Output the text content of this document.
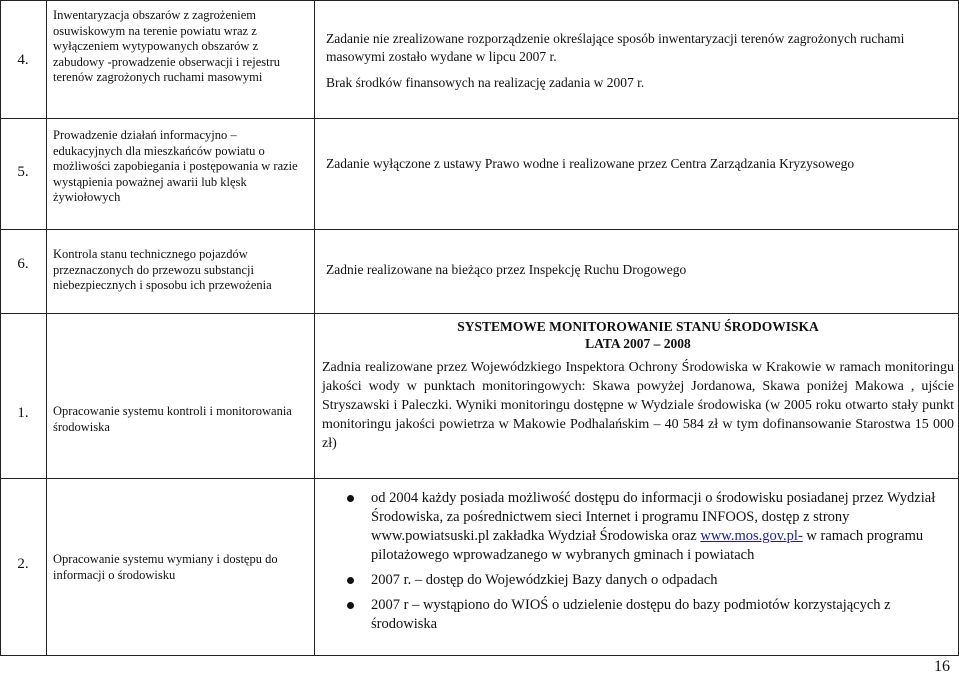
4.
Inwentaryzacja obszarów z zagrożeniem osuwiskowym na terenie powiatu wraz z wyłączeniem wytypowanych obszarów z zabudowy -prowadzenie obserwacji i rejestru terenów zagrożonych ruchami masowymi
Zadanie nie zrealizowane rozporządzenie określające sposób inwentaryzacji terenów zagrożonych ruchami masowymi zostało wydane w lipcu 2007 r.
Brak środków finansowych na realizację zadania w 2007 r.
5.
Prowadzenie działań informacyjno – edukacyjnych dla mieszkańców powiatu o możliwości zapobiegania i postępowania w razie wystąpienia poważnej awarii lub klęsk żywiołowych
Zadanie wyłączone z ustawy Prawo wodne i realizowane przez Centra Zarządzania Kryzysowego
6.
Kontrola stanu technicznego pojazdów przeznaczonych do przewozu substancji niebezpiecznych i sposobu ich przewożenia
Zadnie realizowane na bieżąco przez Inspekcję Ruchu Drogowego
1.	Opracowanie systemu kontroli i monitorowania środowiska
SYSTEMOWE MONITOROWANIE STANU ŚRODOWISKA
LATA 2007 – 2008
Zadnia realizowane przez Wojewódzkiego Inspektora Ochrony Środowiska w Krakowie w ramach monitoringu jakości wody w punktach monitoringowych: Skawa powyżej Jordanowa, Skawa poniżej Makowa , ujście Stryszawski i Paleczki. Wyniki monitoringu dostępne w Wydziale środowiska (w 2005 roku otwarto stały punkt monitoringu jakości powietrza w Makowie Podhalańskim – 40 584 zł w tym dofinansowanie Starostwa 15 000 zł)
2.	Opracowanie systemu wymiany i dostępu do informacji o środowisku
od 2004 każdy posiada możliwość dostępu do informacji o środowisku posiadanej przez Wydział Środowiska, za pośrednictwem sieci Internet i programu INFOOS, dostęp z strony www.powiatsuski.pl zakładka Wydział Środowiska oraz www.mos.gov.pl- w ramach programu pilotażowego wprowadzanego w wybranych gminach i powiatach
2007 r. – dostęp do Wojewódzkiej Bazy danych o odpadach
2007 r – wystąpiono do WIOŚ o udzielenie dostępu do bazy podmiotów korzystających z środowiska
16
